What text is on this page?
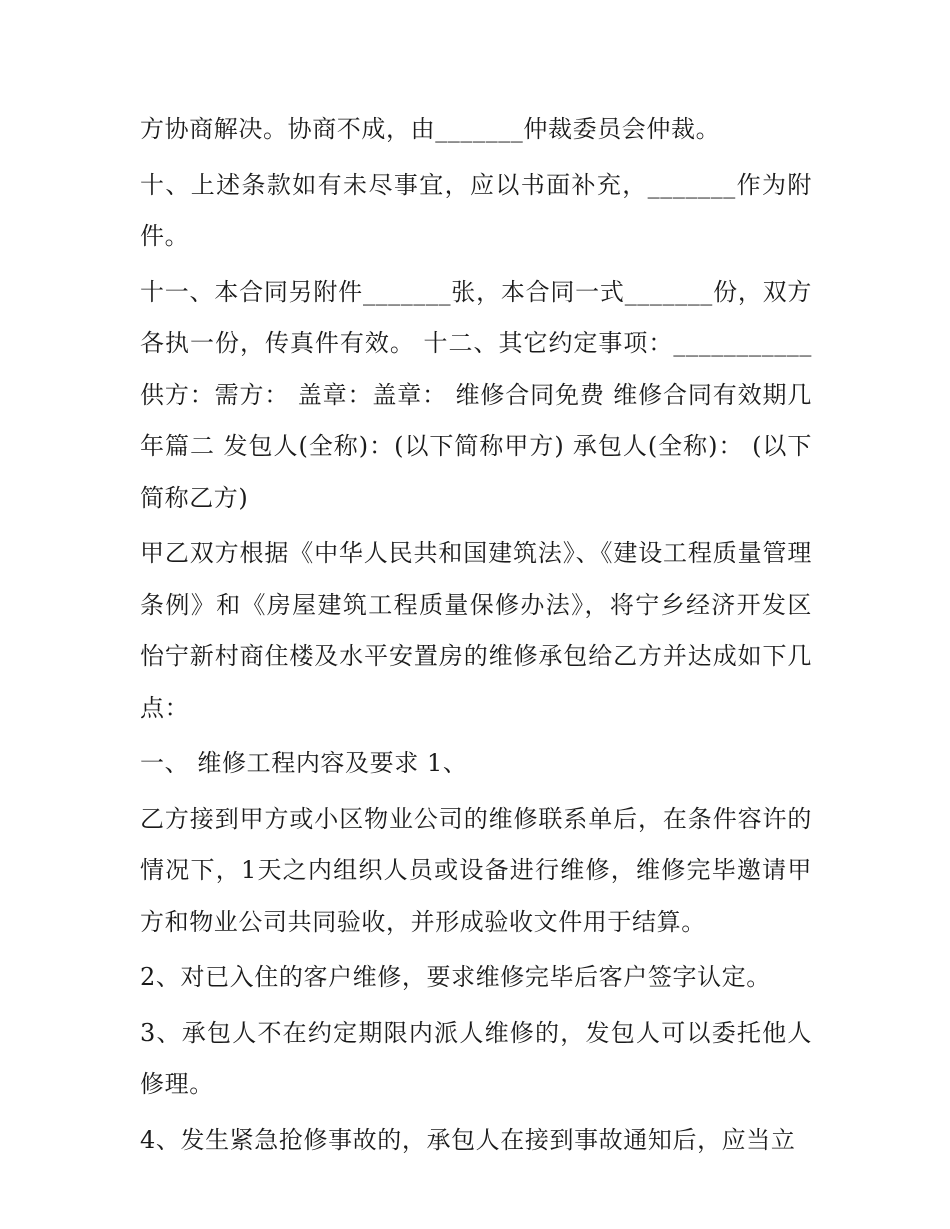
方协商解决。协商不成，由_______仲裁委员会仲裁。

十、上述条款如有未尽事宜，应以书面补充，_______作为附件。

十一、本合同另附件_______张，本合同一式_______份，双方各执一份，传真件有效。 十二、其它约定事项：___________供方：需方： 盖章：盖章： 维修合同免费 维修合同有效期几年篇二 发包人(全称)：(以下简称甲方) 承包人(全称)： (以下简称乙方)

甲乙双方根据《中华人民共和国建筑法》、《建设工程质量管理条例》和《房屋建筑工程质量保修办法》，将宁乡经济开发区怡宁新村商住楼及水平安置房的维修承包给乙方并达成如下几点：

一、 维修工程内容及要求 1、

乙方接到甲方或小区物业公司的维修联系单后，在条件容许的情况下，1天之内组织人员或设备进行维修，维修完毕邀请甲方和物业公司共同验收，并形成验收文件用于结算。

2、对已入住的客户维修，要求维修完毕后客户签字认定。

3、承包人不在约定期限内派人维修的，发包人可以委托他人修理。

4、发生紧急抢修事故的，承包人在接到事故通知后，应当立
